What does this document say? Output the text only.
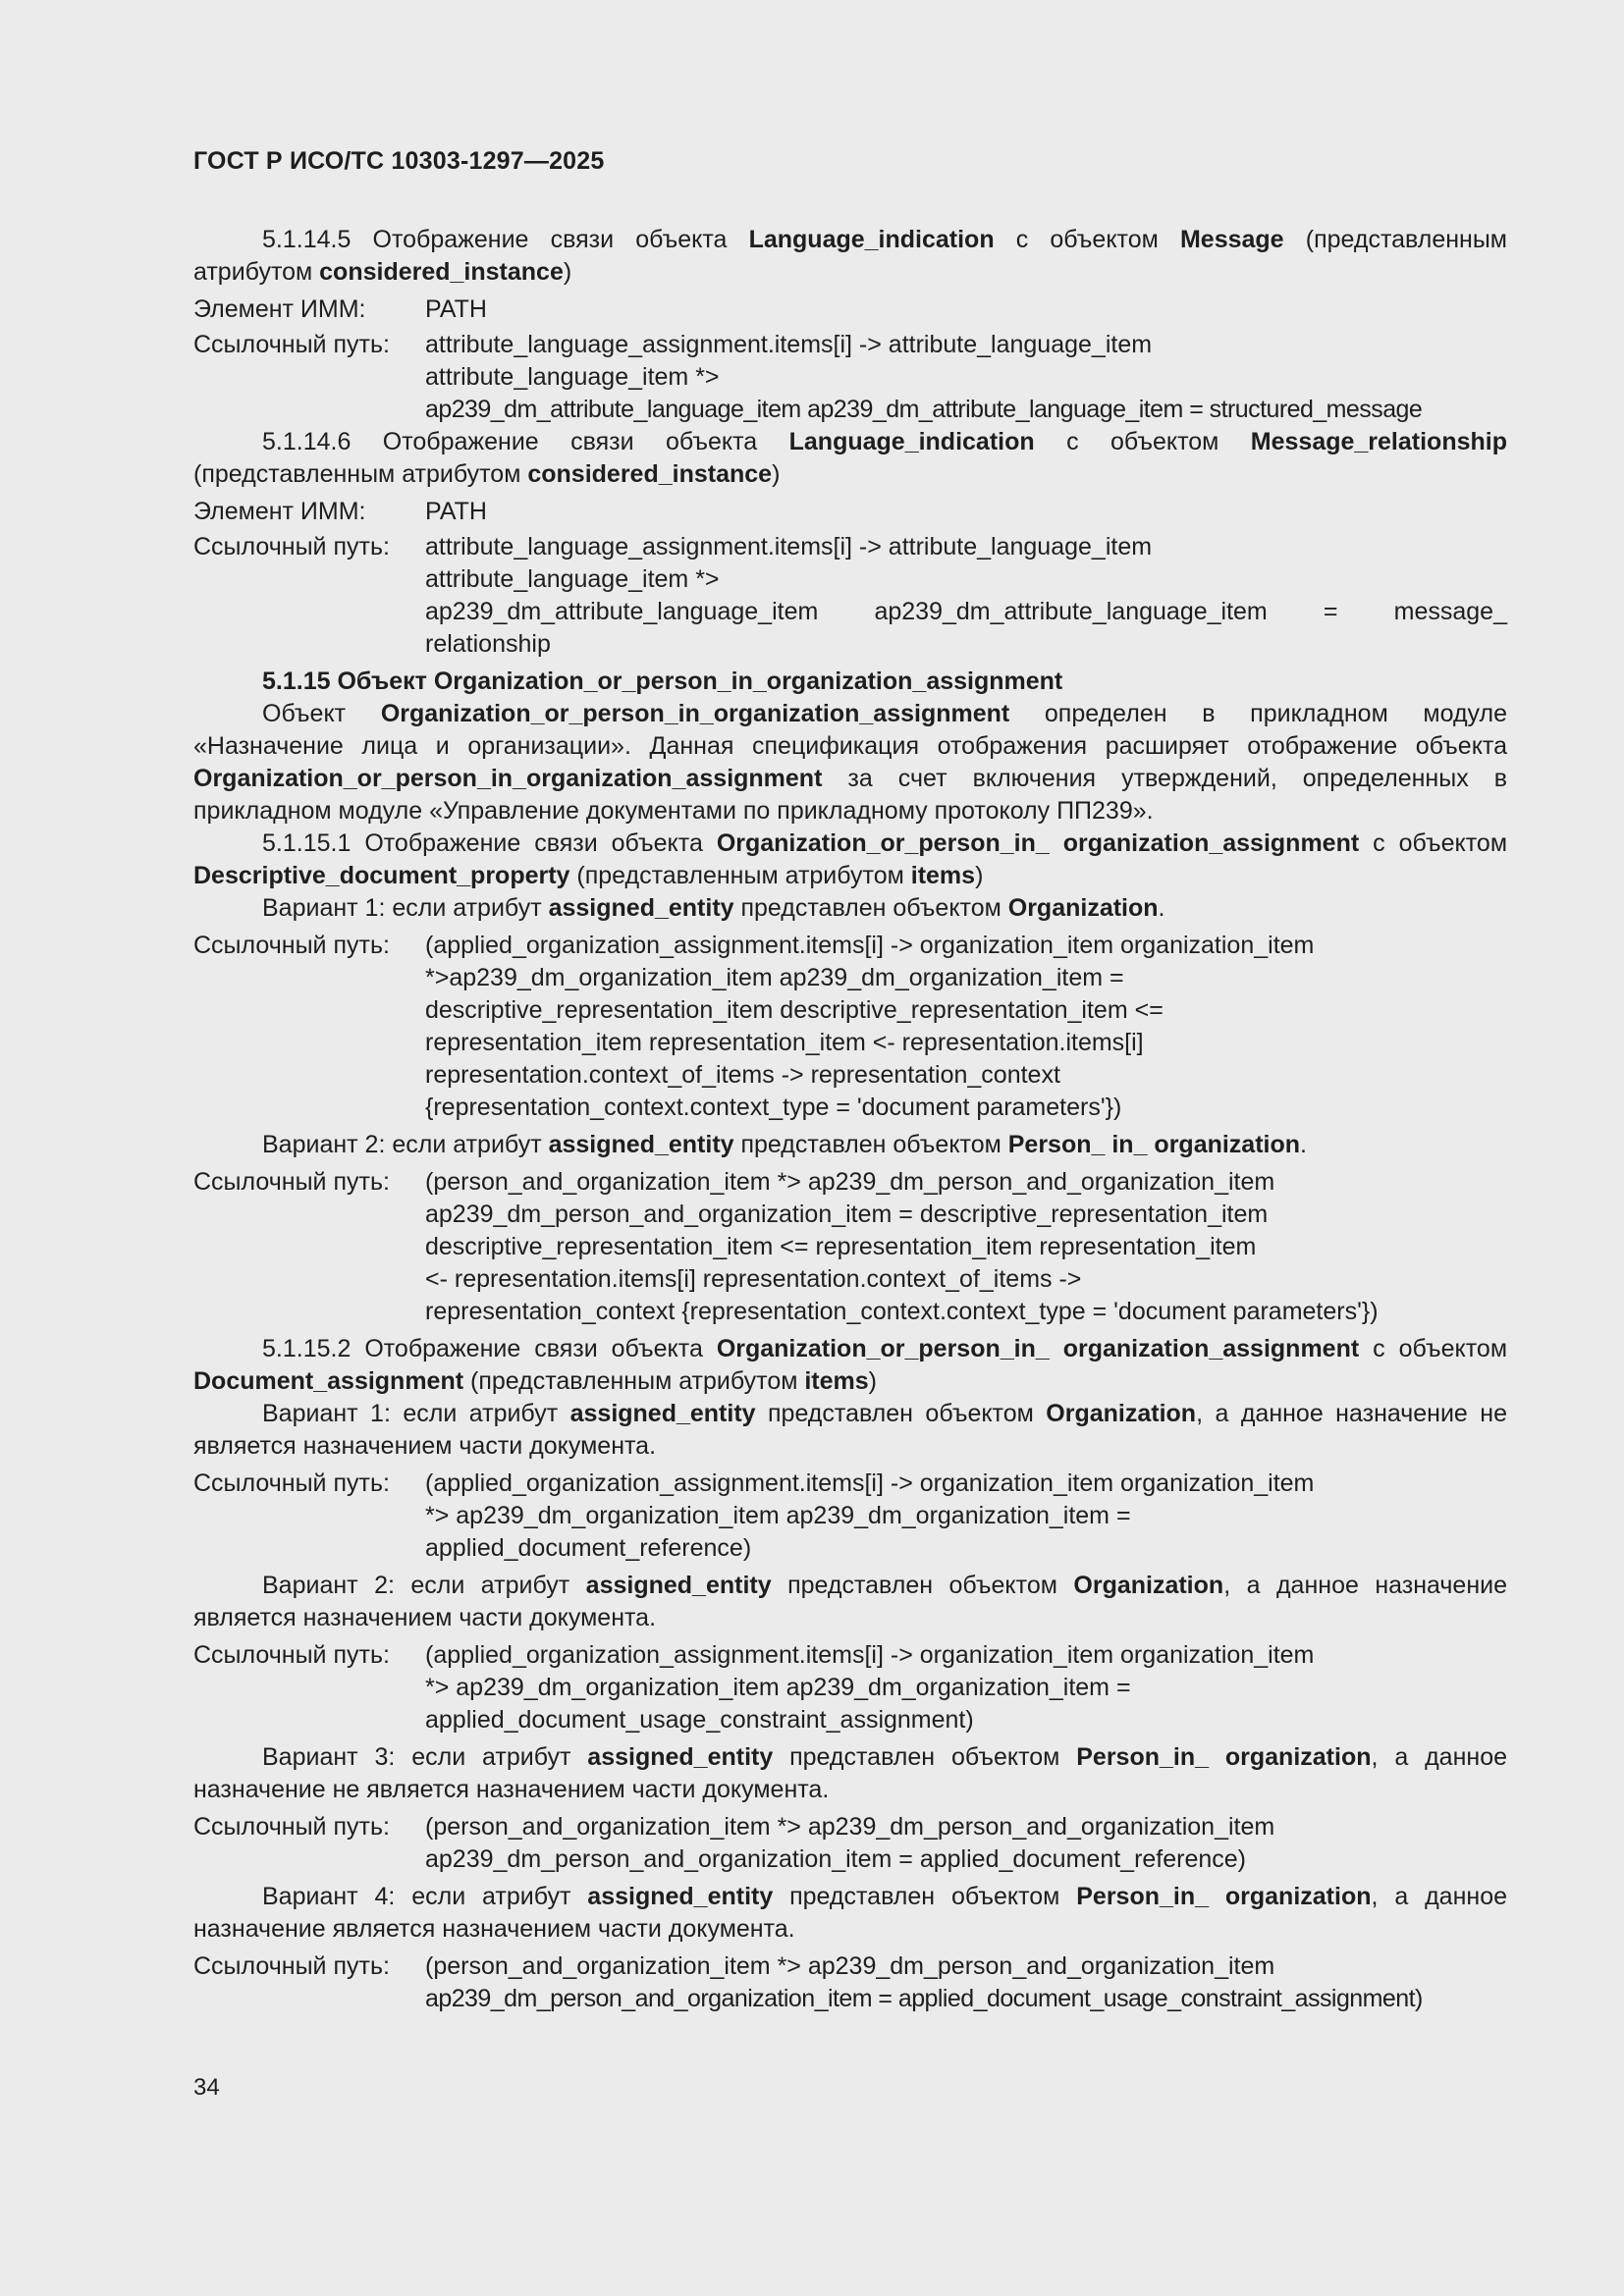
ГОСТ Р ИСО/ТС 10303-1297—2025

5.1.14.5 Отображение связи объекта Language_indication с объектом Message (представленным атрибутом considered_instance)

Элемент ИММ:	PATH
Ссылочный путь:	attribute_language_assignment.items[i] -> attribute_language_item
attribute_language_item *>
ap239_dm_attribute_language_item ap239_dm_attribute_language_item = structured_message

5.1.14.6 Отображение связи объекта Language_indication с объектом Message_relationship (представленным атрибутом considered_instance)

Элемент ИММ:	PATH
Ссылочный путь:	attribute_language_assignment.items[i] -> attribute_language_item
attribute_language_item *>
ap239_dm_attribute_language_item ap239_dm_attribute_language_item = message_
relationship

5.1.15 Объект Organization_or_person_in_organization_assignment

Объект Organization_or_person_in_organization_assignment определен в прикладном модуле «Назначение лица и организации». Данная спецификация отображения расширяет отображение объекта Organization_or_person_in_organization_assignment за счет включения утверждений, определенных в прикладном модуле «Управление документами по прикладному протоколу ПП239».

5.1.15.1 Отображение связи объекта Organization_or_person_in_ organization_assignment с объектом Descriptive_document_property (представленным атрибутом items)

Вариант 1: если атрибут assigned_entity представлен объектом Organization.

Ссылочный путь:	(applied_organization_assignment.items[i] -> organization_item organization_item
*>ap239_dm_organization_item ap239_dm_organization_item =
descriptive_representation_item descriptive_representation_item <=
representation_item representation_item <- representation.items[i]
representation.context_of_items -> representation_context
{representation_context.context_type = 'document parameters'})

Вариант 2: если атрибут assigned_entity представлен объектом Person_ in_ organization.

Ссылочный путь:	(person_and_organization_item *> ap239_dm_person_and_organization_item
ap239_dm_person_and_organization_item = descriptive_representation_item
descriptive_representation_item <= representation_item representation_item
<- representation.items[i] representation.context_of_items ->
representation_context {representation_context.context_type = 'document parameters'})

5.1.15.2 Отображение связи объекта Organization_or_person_in_ organization_assignment с объектом Document_assignment (представленным атрибутом items)

Вариант 1: если атрибут assigned_entity представлен объектом Organization, а данное назначение не является назначением части документа.

Ссылочный путь:	(applied_organization_assignment.items[i] -> organization_item organization_item
*> ap239_dm_organization_item ap239_dm_organization_item =
applied_document_reference)

Вариант 2: если атрибут assigned_entity представлен объектом Organization, а данное назначение является назначением части документа.

Ссылочный путь:	(applied_organization_assignment.items[i] -> organization_item organization_item
*> ap239_dm_organization_item ap239_dm_organization_item =
applied_document_usage_constraint_assignment)

Вариант 3: если атрибут assigned_entity представлен объектом Person_in_ organization, а данное назначение не является назначением части документа.

Ссылочный путь:	(person_and_organization_item *> ap239_dm_person_and_organization_item
ap239_dm_person_and_organization_item = applied_document_reference)

Вариант 4: если атрибут assigned_entity представлен объектом Person_in_ organization, а данное назначение является назначением части документа.

Ссылочный путь:	(person_and_organization_item *> ap239_dm_person_and_organization_item
ap239_dm_person_and_organization_item = applied_document_usage_constraint_assignment)
34
